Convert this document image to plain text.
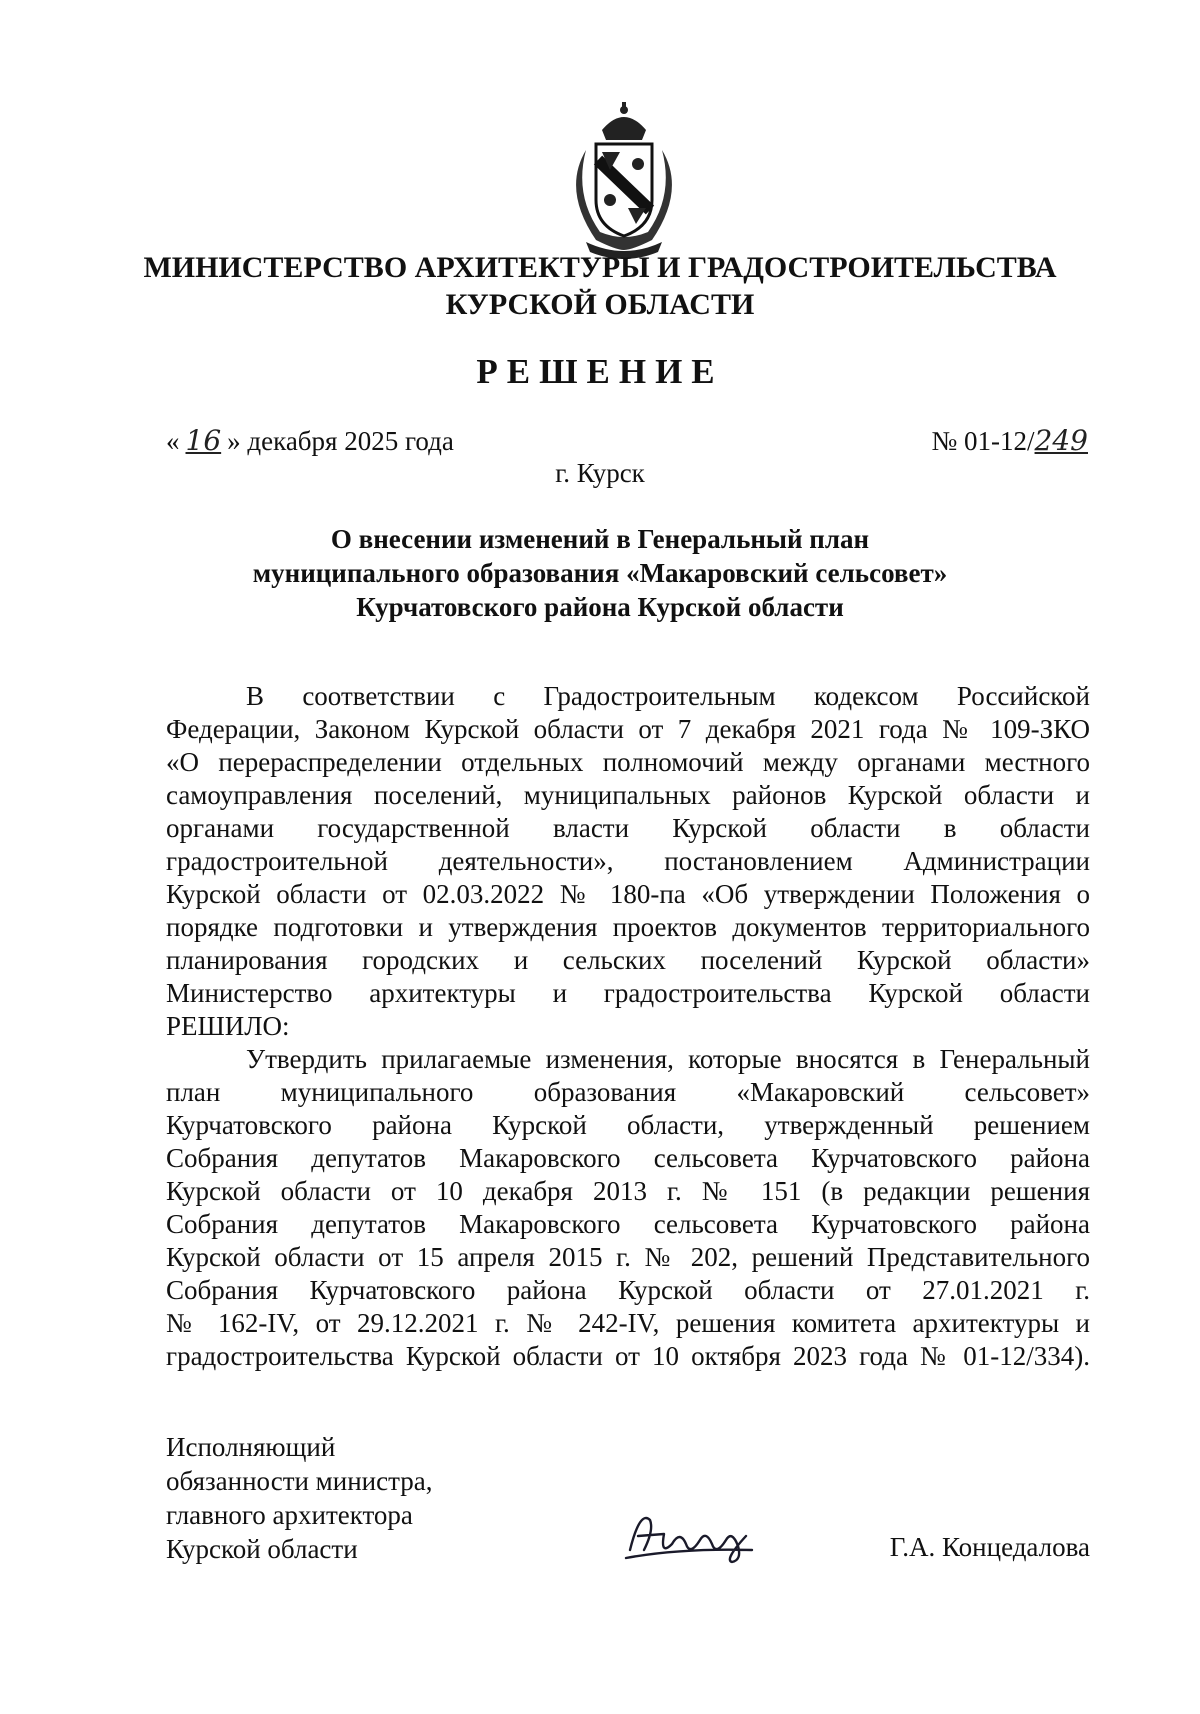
МИНИСТЕРСТВО АРХИТЕКТУРЫ И ГРАДОСТРОИТЕЛЬСТВА
КУРСКОЙ ОБЛАСТИ
РЕШЕНИЕ
« 16 » декабря 2025 года	№ 01-12/249
г. Курск
О внесении изменений в Генеральный план
муниципального образования «Макаровский сельсовет»
Курчатовского района Курской области
В соответствии с Градостроительным кодексом Российской
Федерации, Законом Курской области от 7 декабря 2021 года № 109-ЗКО
«О перераспределении отдельных полномочий между органами местного
самоуправления поселений, муниципальных районов Курской области и
органами государственной власти Курской области в области
градостроительной деятельности», постановлением Администрации
Курской области от 02.03.2022 № 180-па «Об утверждении Положения о
порядке подготовки и утверждения проектов документов территориального
планирования городских и сельских поселений Курской области»
Министерство архитектуры и градостроительства Курской области
РЕШИЛО:
Утвердить прилагаемые изменения, которые вносятся в Генеральный
план муниципального образования «Макаровский сельсовет»
Курчатовского района Курской области, утвержденный решением
Собрания депутатов Макаровского сельсовета Курчатовского района
Курской области от 10 декабря 2013 г. № 151 (в редакции решения
Собрания депутатов Макаровского сельсовета Курчатовского района
Курской области от 15 апреля 2015 г. № 202, решений Представительного
Собрания Курчатовского района Курской области от 27.01.2021 г.
№ 162-IV, от 29.12.2021 г. № 242-IV, решения комитета архитектуры и
градостроительства Курской области от 10 октября 2023 года № 01-12/334).
Исполняющий
обязанности министра,
главного архитектора
Курской области	Г.А. Концедалова
